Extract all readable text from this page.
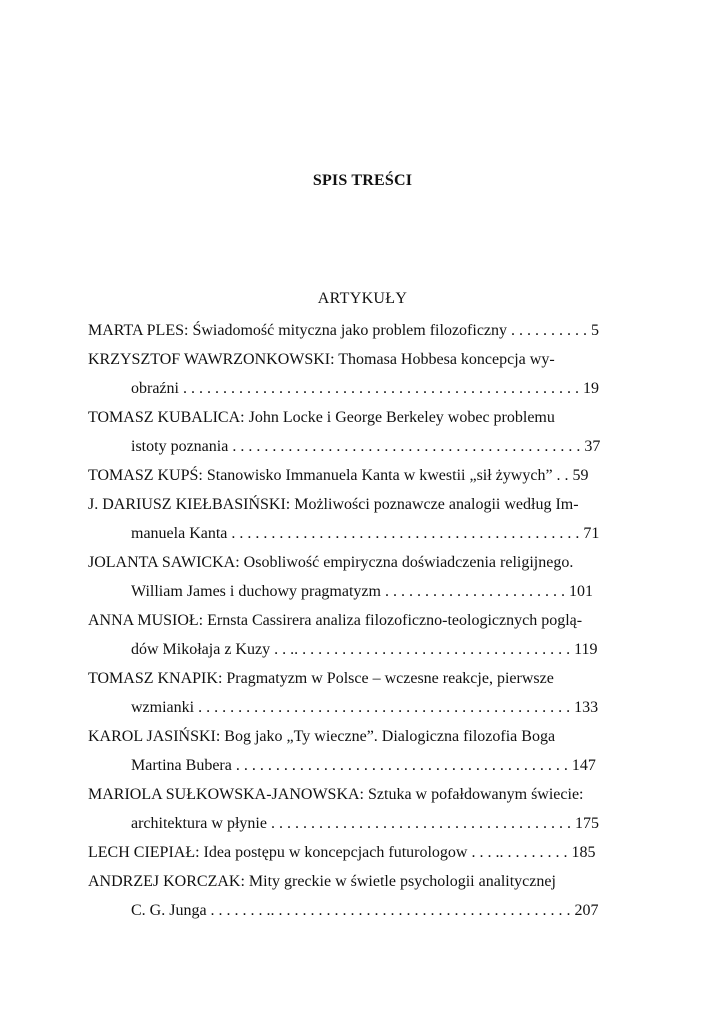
SPIS TREŚCI
ARTYKUŁY
MARTA PLES: Świadomość mityczna jako problem filozoficzny . . . . . . . . . . 5
KRZYSZTOF WAWRZONKOWSKI: Thomasa Hobbesa koncepcja wy-
obraźni . . . . . . . . . . . . . . . . . . . . . . . . . . . . . . . . . . . . . . . . . . . . . . . . . . 19
TOMASZ KUBALICA: John Locke i George Berkeley wobec problemu
istoty poznania . . . . . . . . . . . . . . . . . . . . . . . . . . . . . . . . . . . . . . . . . . . . 37
TOMASZ KUPŚ: Stanowisko Immanuela Kanta w kwestii „sił żywych” . . 59
J. DARIUSZ KIEŁBASIŃSKI: Możliwości poznawcze analogii według Im-
manuela Kanta . . . . . . . . . . . . . . . . . . . . . . . . . . . . . . . . . . . . . . . . . . . . 71
JOLANTA SAWICKA: Osobliwość empiryczna doświadczenia religijnego.
William James i duchowy pragmatyzm . . . . . . . . . . . . . . . . . . . . . . . 101
ANNA MUSIOŁ: Ernsta Cassirera analiza filozoficzno-teologicznych poglą-
dów Mikołaja z Kuzy . . .. . . . . . . . . . . . . . . . . . . . . . . . . . . . . . . . . . . 119
TOMASZ KNAPIK: Pragmatyzm w Polsce – wczesne reakcje, pierwsze
wzmianki . . . . . . . . . . . . . . . . . . . . . . . . . . . . . . . . . . . . . . . . . . . . . . . 133
KAROL JASIŃSKI: Bog jako „Ty wieczne”. Dialogiczna filozofia Boga
Martina Bubera . . . . . . . . . . . . . . . . . . . . . . . . . . . . . . . . . . . . . . . . . . 147
MARIOLA SUŁKOWSKA-JANOWSKA: Sztuka w pofałdowanym świecie:
architektura w płynie . . . . . . . . . . . . . . . . . . . . . . . . . . . . . . . . . . . . . . 175
LECH CIEPIAŁ: Idea postępu w koncepcjach futurologow . . . .. . . . . . . . . 185
ANDRZEJ KORCZAK: Mity greckie w świetle psychologii analitycznej
C. G. Junga . . . . . . . .. . . . . . . . . . . . . . . . . . . . . . . . . . . . . . . . . . . . . . 207
